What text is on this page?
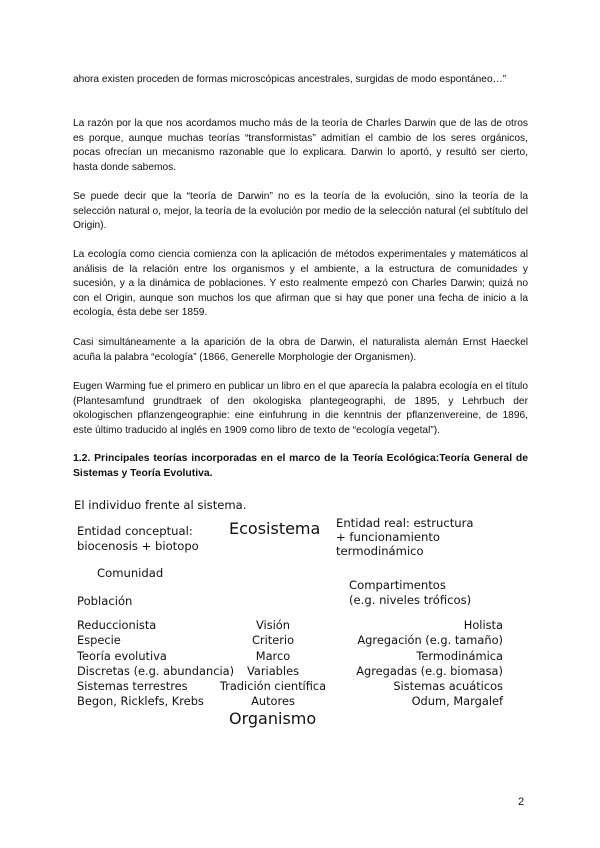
ahora existen proceden de formas microscópicas ancestrales, surgidas de modo espontáneo…”

La razón por la que nos acordamos mucho más de la teoría de Charles Darwin que de las de otros es porque, aunque muchas teorías “transformistas” admitían el cambio de los seres orgánicos, pocas ofrecían un mecanismo razonable que lo explicara. Darwin lo aportó, y resultó ser cierto, hasta donde sabemos.

Se puede decir que la “teoría de Darwin” no es la teoría de la evolución, sino la teoría de la selección natural o, mejor, la teoría de la evolución por medio de la selección natural (el subtítulo del Origin).

La ecología como ciencia comienza con la aplicación de métodos experimentales y matemáticos al análisis de la relación entre los organismos y el ambiente, a la estructura de comunidades y sucesión, y a la dinámica de poblaciones. Y esto realmente empezó con Charles Darwin; quizá no con el Origin, aunque son muchos los que afirman que si hay que poner una fecha de inicio a la ecología, ésta debe ser 1859.

Casi simultáneamente a la aparición de la obra de Darwin, el naturalista alemán Ernst Haeckel acuña la palabra “ecología” (1866, Generelle Morphologie der Organismen).

Eugen Warming fue el primero en publicar un libro en el que aparecía la palabra ecología en el título (Plantesamfund grundtraek of den okologiska plantegeographi, de 1895, y Lehrbuch der okologischen pflanzengeographie: eine einfuhrung in die kenntnis der pflanzenvereine, de 1896, este último traducido al inglés en 1909 como libro de texto de “ecología vegetal”).

1.2. Principales teorías incorporadas en el marco de la Teoría Ecológica:Teoría General de Sistemas y Teoría Evolutiva.

El individuo frente al sistema.
Entidad conceptual:
biocenosis + biotopo
Ecosistema Entidad real: estructura
+ funcionamiento
termodinámico
Comunidad
Compartimentos
(e.g. niveles tróficos)
Población
Reduccionista
Especie
Teoría evolutiva
Discretas (e.g. abundancia)
Sistemas terrestres
Begon, Ricklefs, Krebs
Visión
Criterio
Marco
Variables
Tradición científica
Autores
Holista
Agregación (e.g. tamaño)
Termodinámica
Agregadas (e.g. biomasa)
Sistemas acuáticos
Odum, Margalef
Organismo
2
